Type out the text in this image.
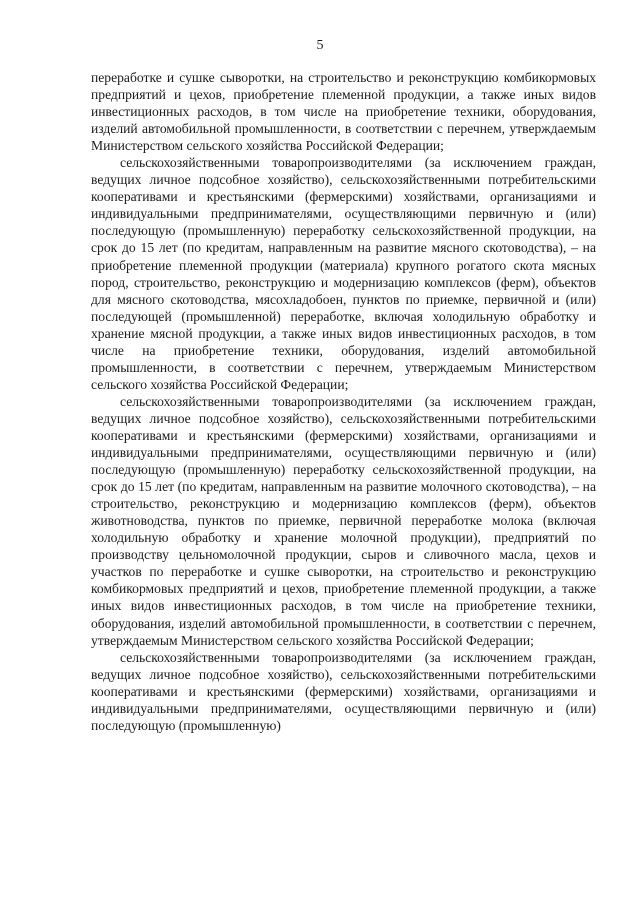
5

переработке и сушке сыворотки, на строительство и реконструкцию комбикормовых предприятий и цехов, приобретение племенной продукции, а также иных видов инвестиционных расходов, в том числе на приобретение техники, оборудования, изделий автомобильной промышленности, в соответствии с перечнем, утверждаемым Министерством сельского хозяйства Российской Федерации;

сельскохозяйственными товаропроизводителями (за исключением граждан, ведущих личное подсобное хозяйство), сельскохозяйственными потребительскими кооперативами и крестьянскими (фермерскими) хозяйствами, организациями и индивидуальными предпринимателями, осуществляющими первичную и (или) последующую (промышленную) переработку сельскохозяйственной продукции, на срок до 15 лет (по кредитам, направленным на развитие мясного скотоводства), – на приобретение племенной продукции (материала) крупного рогатого скота мясных пород, строительство, реконструкцию и модернизацию комплексов (ферм), объектов для мясного скотоводства, мясохладобоен, пунктов по приемке, первичной и (или) последующей (промышленной) переработке, включая холодильную обработку и хранение мясной продукции, а также иных видов инвестиционных расходов, в том числе на приобретение техники, оборудования, изделий автомобильной промышленности, в соответствии с перечнем, утверждаемым Министерством сельского хозяйства Российской Федерации;

сельскохозяйственными товаропроизводителями (за исключением граждан, ведущих личное подсобное хозяйство), сельскохозяйственными потребительскими кооперативами и крестьянскими (фермерскими) хозяйствами, организациями и индивидуальными предпринимателями, осуществляющими первичную и (или) последующую (промышленную) переработку сельскохозяйственной продукции, на срок до 15 лет (по кредитам, направленным на развитие молочного скотоводства), – на строительство, реконструкцию и модернизацию комплексов (ферм), объектов животноводства, пунктов по приемке, первичной переработке молока (включая холодильную обработку и хранение молочной продукции), предприятий по производству цельномолочной продукции, сыров и сливочного масла, цехов и участков по переработке и сушке сыворотки, на строительство и реконструкцию комбикормовых предприятий и цехов, приобретение племенной продукции, а также иных видов инвестиционных расходов, в том числе на приобретение техники, оборудования, изделий автомобильной промышленности, в соответствии с перечнем, утверждаемым Министерством сельского хозяйства Российской Федерации;

сельскохозяйственными товаропроизводителями (за исключением граждан, ведущих личное подсобное хозяйство), сельскохозяйственными потребительскими кооперативами и крестьянскими (фермерскими) хозяйствами, организациями и индивидуальными предпринимателями, осуществляющими первичную и (или) последующую (промышленную)
